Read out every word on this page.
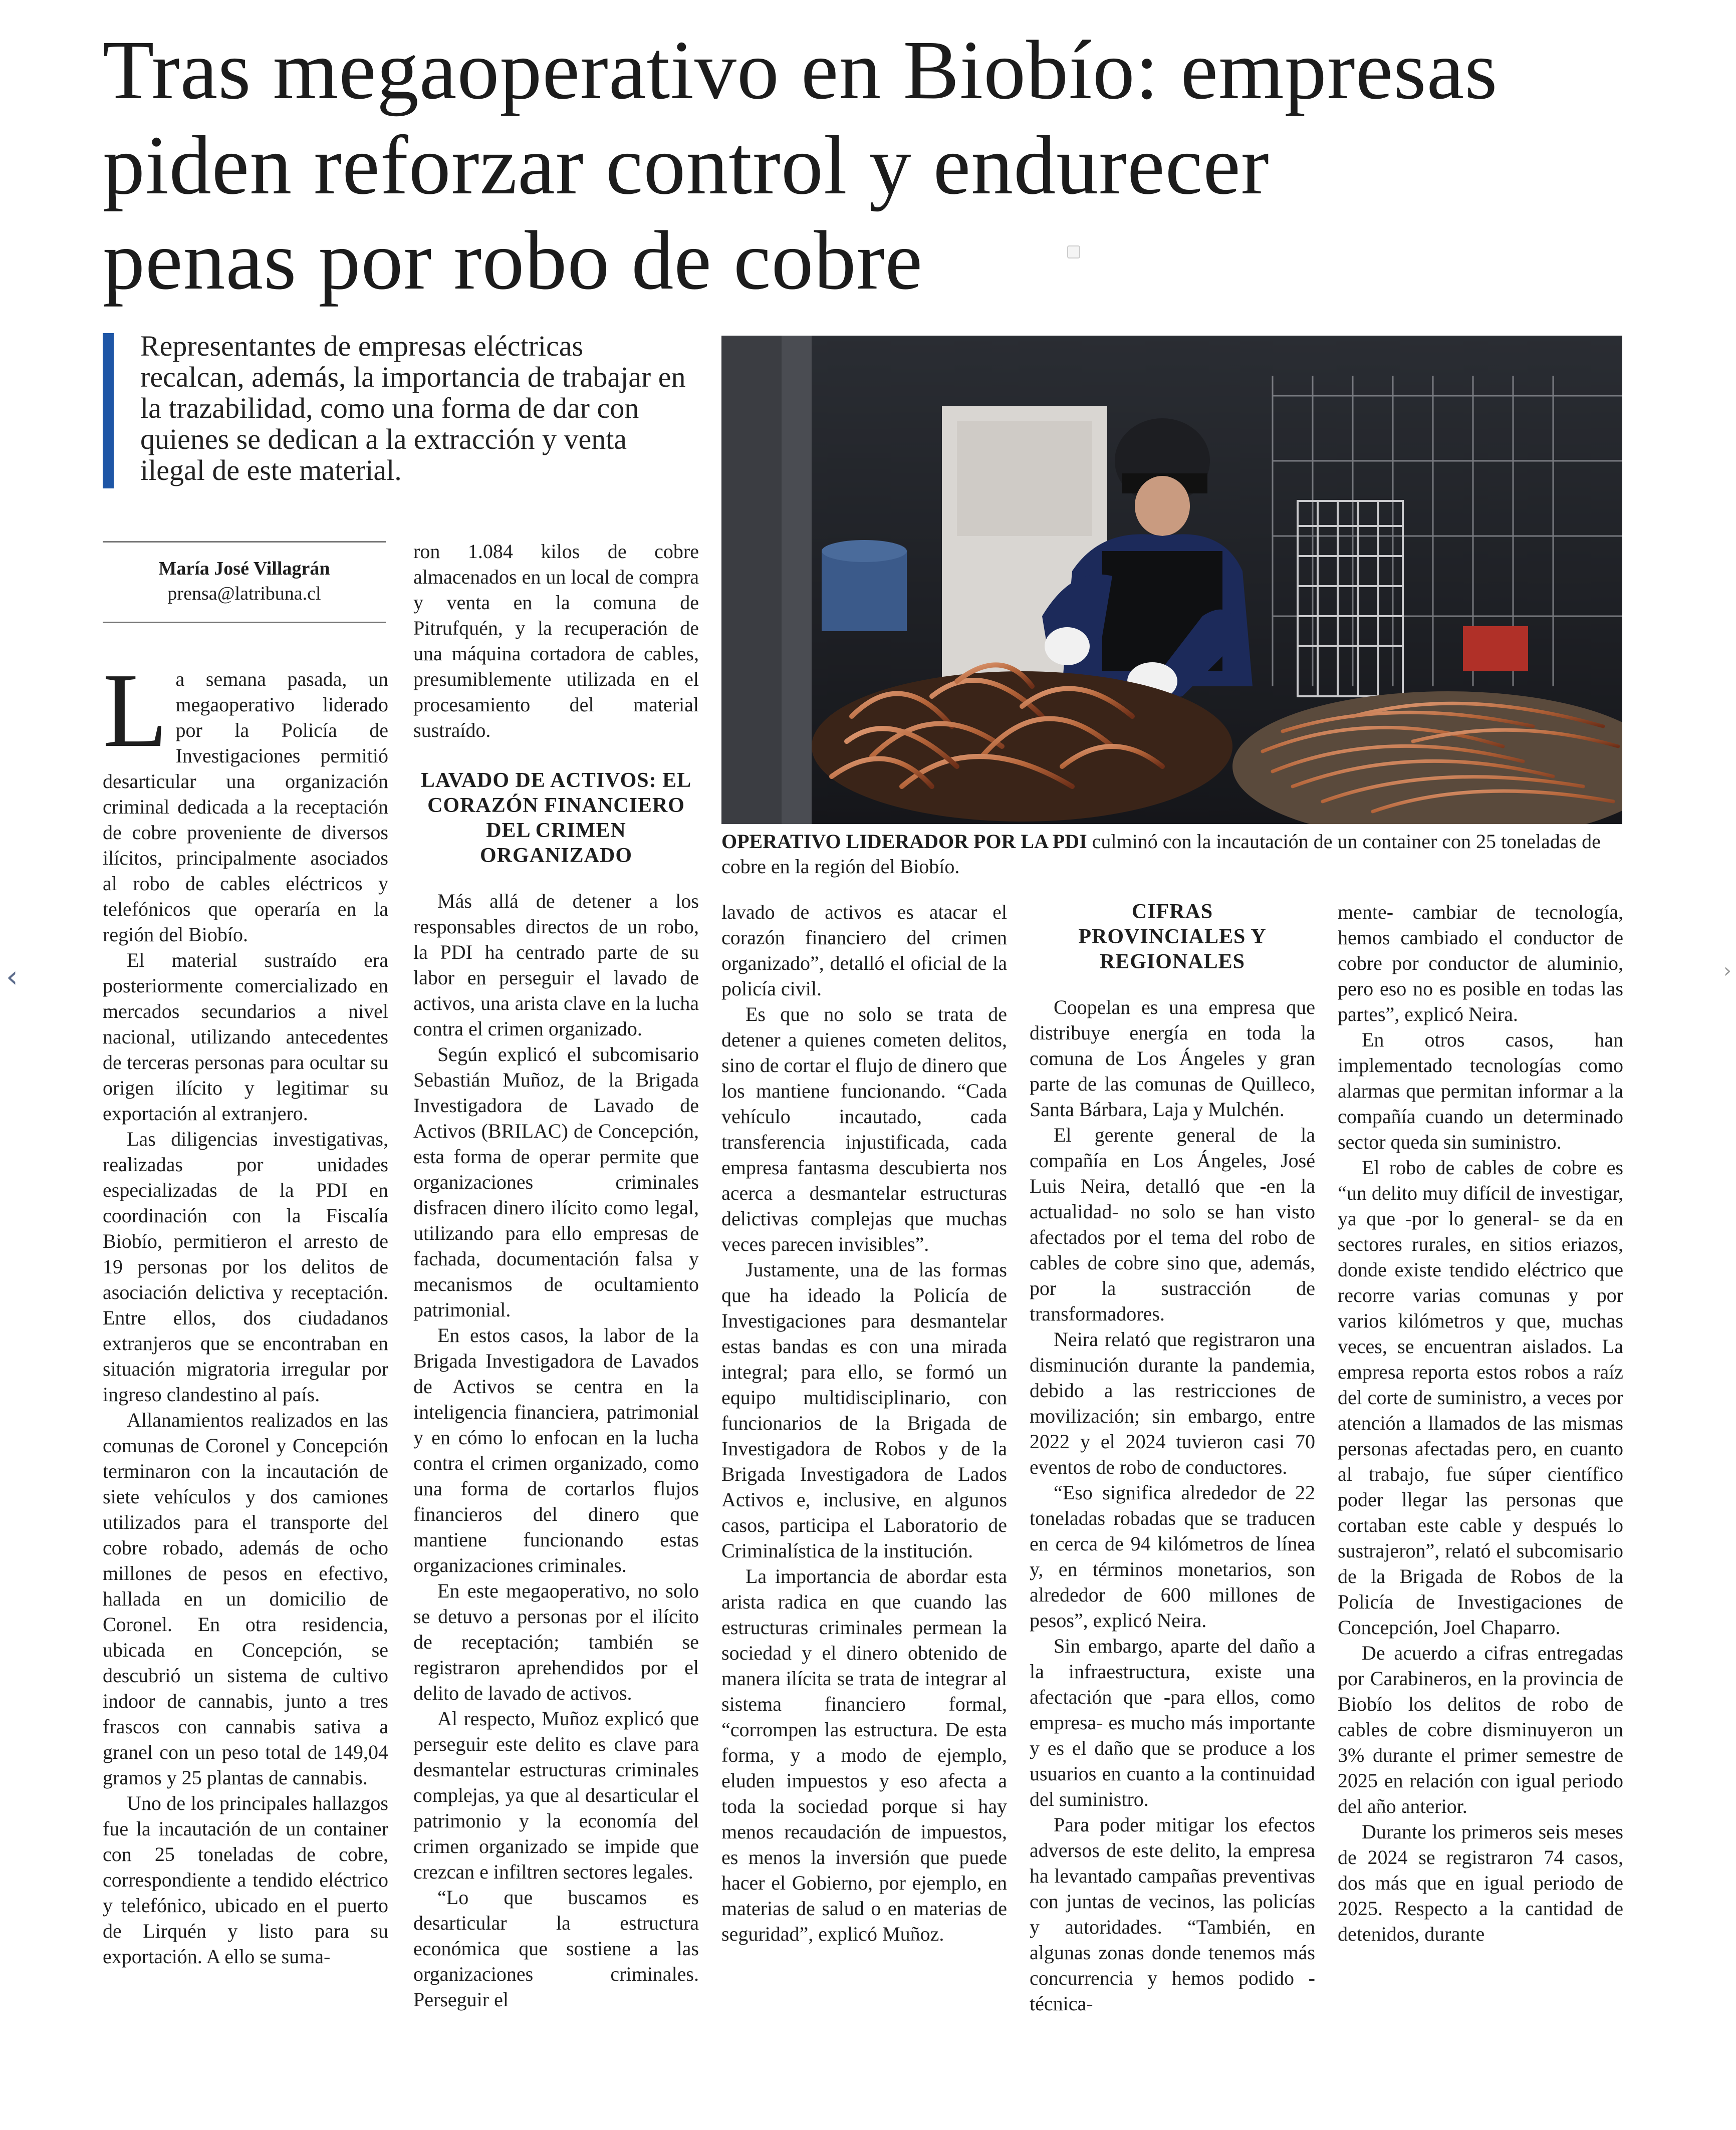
Tras megaoperativo en Biobío: empresas
piden reforzar control y endurecer
penas por robo de cobre
Representantes de empresas eléctricas recalcan, además, la importancia de trabajar en la trazabilidad, como una forma de dar con quienes se dedican a la extracción y venta ilegal de este material.
María José Villagrán
prensa@latribuna.cl

La semana pasada, un megaoperativo liderado por la Policía de Investigaciones permitió desarticular una organización criminal dedicada a la receptación de cobre proveniente de diversos ilícitos, principalmente asociados al robo de cables eléctricos y telefónicos que operaría en la región del Biobío.

El material sustraído era posteriormente comercializado en mercados secundarios a nivel nacional, utilizando antecedentes de terceras personas para ocultar su origen ilícito y legitimar su exportación al extranjero.

Las diligencias investigativas, realizadas por unidades especializadas de la PDI en coordinación con la Fiscalía Biobío, permitieron el arresto de 19 personas por los delitos de asociación delictiva y receptación. Entre ellos, dos ciudadanos extranjeros que se encontraban en situación migratoria irregular por ingreso clandestino al país.

Allanamientos realizados en las comunas de Coronel y Concepción terminaron con la incautación de siete vehículos y dos camiones utilizados para el transporte del cobre robado, además de ocho millones de pesos en efectivo, hallada en un domicilio de Coronel. En otra residencia, ubicada en Concepción, se descubrió un sistema de cultivo indoor de cannabis, junto a tres frascos con cannabis sativa a granel con un peso total de 149,04 gramos y 25 plantas de cannabis.

Uno de los principales hallazgos fue la incautación de un container con 25 toneladas de cobre, correspondiente a tendido eléctrico y telefónico, ubicado en el puerto de Lirquén y listo para su exportación. A ello se suma-

ron 1.084 kilos de cobre almacenados en un local de compra y venta en la comuna de Pitrufquén, y la recuperación de una máquina cortadora de cables, presumiblemente utilizada en el procesamiento del material sustraído.

LAVADO DE ACTIVOS: EL CORAZÓN FINANCIERO DEL CRIMEN ORGANIZADO

Más allá de detener a los responsables directos de un robo, la PDI ha centrado parte de su labor en perseguir el lavado de activos, una arista clave en la lucha contra el crimen organizado.

Según explicó el subcomisario Sebastián Muñoz, de la Brigada Investigadora de Lavado de Activos (BRILAC) de Concepción, esta forma de operar permite que organizaciones criminales disfracen dinero ilícito como legal, utilizando para ello empresas de fachada, documentación falsa y mecanismos de ocultamiento patrimonial.

En estos casos, la labor de la Brigada Investigadora de Lavados de Activos se centra en la inteligencia financiera, patrimonial y en cómo lo enfocan en la lucha contra el crimen organizado, como una forma de cortarlos flujos financieros del dinero que mantiene funcionando estas organizaciones criminales.

En este megaoperativo, no solo se detuvo a personas por el ilícito de receptación; también se registraron aprehendidos por el delito de lavado de activos.

Al respecto, Muñoz explicó que perseguir este delito es clave para desmantelar estructuras criminales complejas, ya que al desarticular el patrimonio y la economía del crimen organizado se impide que crezcan e infiltren sectores legales.

“Lo que buscamos es desarticular la estructura económica que sostiene a las organizaciones criminales. Perseguir el

OPERATIVO LIDERADOR POR LA PDI culminó con la incautación de un container con 25 toneladas de cobre en la región del Biobío.

lavado de activos es atacar el corazón financiero del crimen organizado”, detalló el oficial de la policía civil.

Es que no solo se trata de detener a quienes cometen delitos, sino de cortar el flujo de dinero que los mantiene funcionando. “Cada vehículo incautado, cada transferencia injustificada, cada empresa fantasma descubierta nos acerca a desmantelar estructuras delictivas complejas que muchas veces parecen invisibles”.

Justamente, una de las formas que ha ideado la Policía de Investigaciones para desmantelar estas bandas es con una mirada integral; para ello, se formó un equipo multidisciplinario, con funcionarios de la Brigada de Investigadora de Robos y de la Brigada Investigadora de Lados Activos e, inclusive, en algunos casos, participa el Laboratorio de Criminalística de la institución.

La importancia de abordar esta arista radica en que cuando las estructuras criminales permean la sociedad y el dinero obtenido de manera ilícita se trata de integrar al sistema financiero formal, “corrompen las estructura. De esta forma, y a modo de ejemplo, eluden impuestos y eso afecta a toda la sociedad porque si hay menos recaudación de impuestos, es menos la inversión que puede hacer el Gobierno, por ejemplo, en materias de salud o en materias de seguridad”, explicó Muñoz.

CIFRAS PROVINCIALES Y REGIONALES

Coopelan es una empresa que distribuye energía en toda la comuna de Los Ángeles y gran parte de las comunas de Quilleco, Santa Bárbara, Laja y Mulchén.

El gerente general de la compañía en Los Ángeles, José Luis Neira, detalló que -en la actualidad- no solo se han visto afectados por el tema del robo de cables de cobre sino que, además, por la sustracción de transformadores.

Neira relató que registraron una disminución durante la pandemia, debido a las restricciones de movilización; sin embargo, entre 2022 y el 2024 tuvieron casi 70 eventos de robo de conductores.

“Eso significa alrededor de 22 toneladas robadas que se traducen en cerca de 94 kilómetros de línea y, en términos monetarios, son alrededor de 600 millones de pesos”, explicó Neira.

Sin embargo, aparte del daño a la infraestructura, existe una afectación que -para ellos, como empresa- es mucho más importante y es el daño que se produce a los usuarios en cuanto a la continuidad del suministro.

Para poder mitigar los efectos adversos de este delito, la empresa ha levantado campañas preventivas con juntas de vecinos, las policías y autoridades. “También, en algunas zonas donde tenemos más concurrencia y hemos podido -técnica-

mente- cambiar de tecnología, hemos cambiado el conductor de cobre por conductor de aluminio, pero eso no es posible en todas las partes”, explicó Neira.

En otros casos, han implementado tecnologías como alarmas que permitan informar a la compañía cuando un determinado sector queda sin suministro.

El robo de cables de cobre es “un delito muy difícil de investigar, ya que -por lo general- se da en sectores rurales, en sitios eriazos, donde existe tendido eléctrico que recorre varias comunas y por varios kilómetros y que, muchas veces, se encuentran aislados. La empresa reporta estos robos a raíz del corte de suministro, a veces por atención a llamados de las mismas personas afectadas pero, en cuanto al trabajo, fue súper científico poder llegar las personas que cortaban este cable y después lo sustrajeron”, relató el subcomisario de la Brigada de Robos de la Policía de Investigaciones de Concepción, Joel Chaparro.

De acuerdo a cifras entregadas por Carabineros, en la provincia de Biobío los delitos de robo de cables de cobre disminuyeron un 3% durante el primer semestre de 2025 en relación con igual periodo del año anterior.

Durante los primeros seis meses de 2024 se registraron 74 casos, dos más que en igual periodo de 2025. Respecto a la cantidad de detenidos, durante

‹	›
